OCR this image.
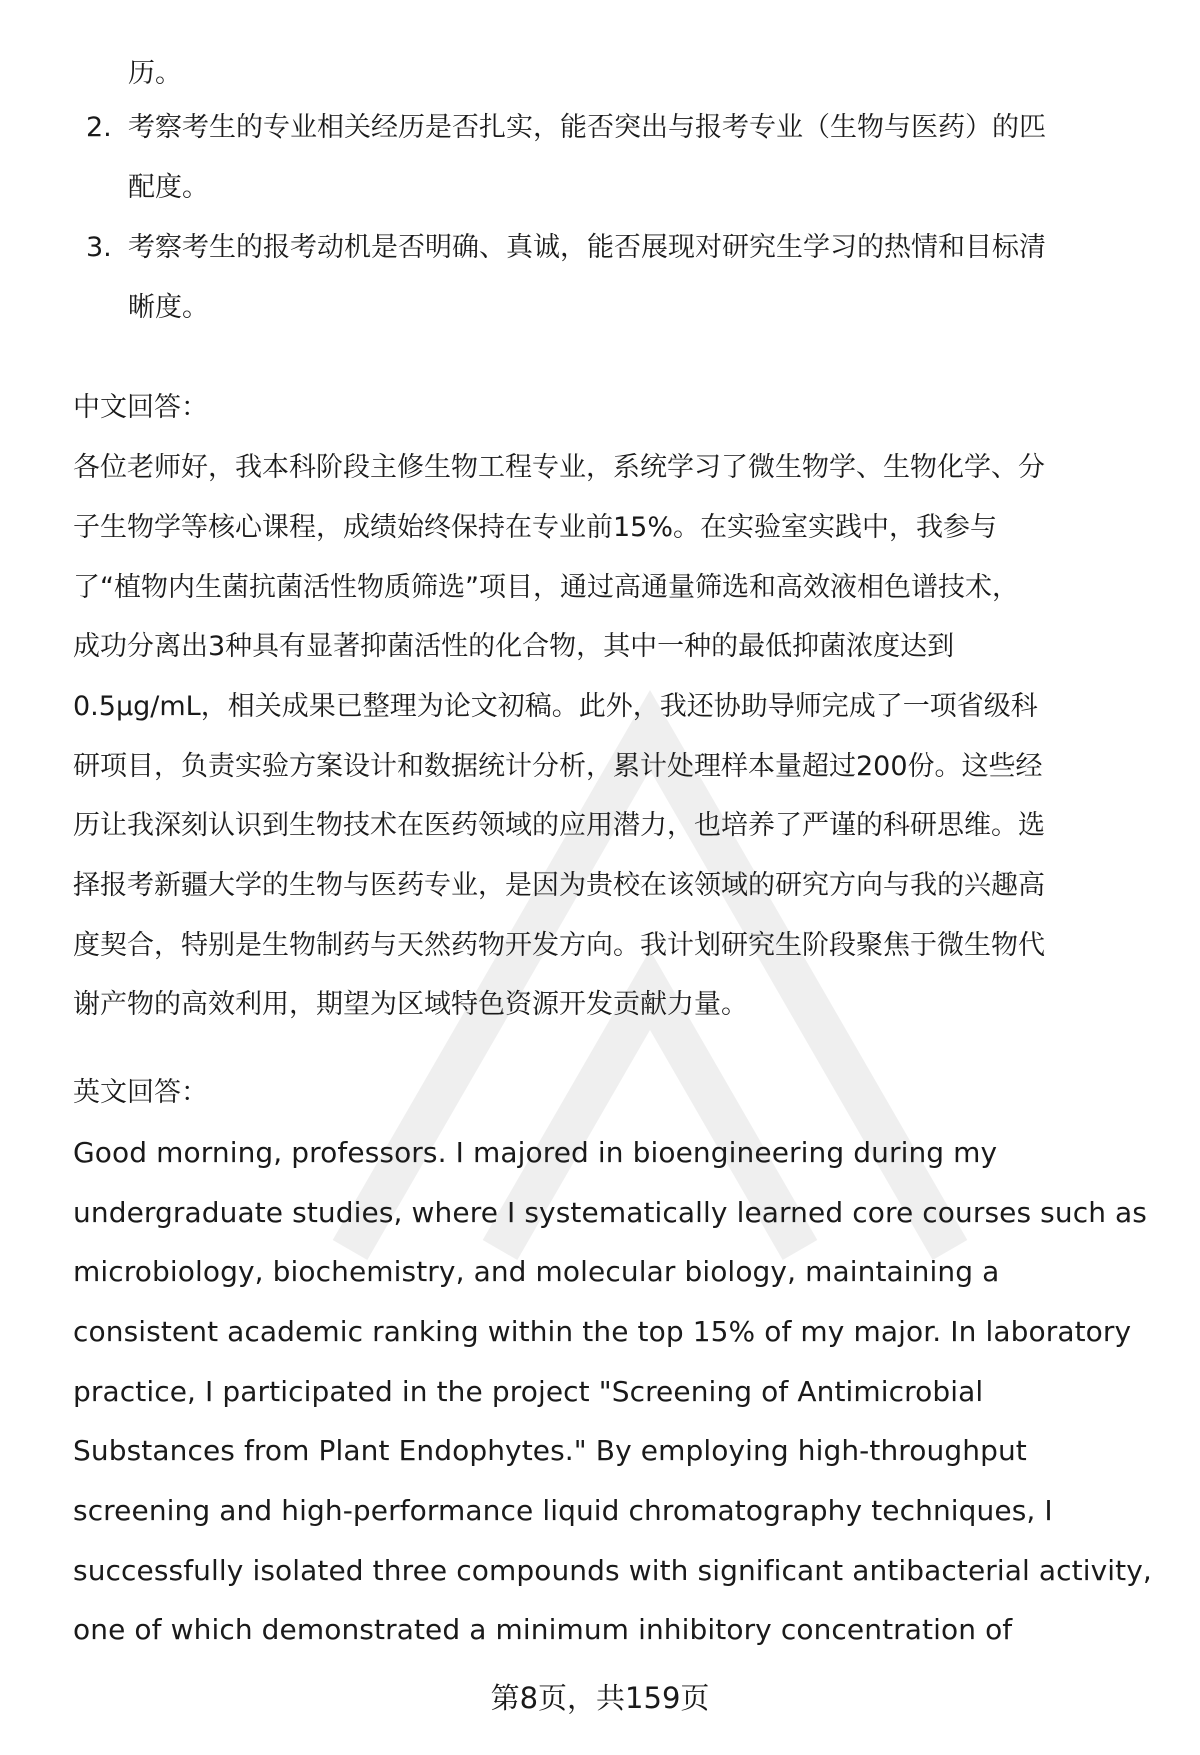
历。
2. 考察考生的专业相关经历是否扎实，能否突出与报考专业（生物与医药）的匹
配度。
3. 考察考生的报考动机是否明确、真诚，能否展现对研究生学习的热情和目标清
晰度。
中文回答：
各位老师好，我本科阶段主修生物工程专业，系统学习了微生物学、生物化学、分
子生物学等核心课程，成绩始终保持在专业前15%。在实验室实践中，我参与
了“植物内生菌抗菌活性物质筛选”项目，通过高通量筛选和高效液相色谱技术，
成功分离出3种具有显著抑菌活性的化合物，其中一种的最低抑菌浓度达到
0.5μg/mL，相关成果已整理为论文初稿。此外，我还协助导师完成了一项省级科
研项目，负责实验方案设计和数据统计分析，累计处理样本量超过200份。这些经
历让我深刻认识到生物技术在医药领域的应用潜力，也培养了严谨的科研思维。选
择报考新疆大学的生物与医药专业，是因为贵校在该领域的研究方向与我的兴趣高
度契合，特别是生物制药与天然药物开发方向。我计划研究生阶段聚焦于微生物代
谢产物的高效利用，期望为区域特色资源开发贡献力量。
英文回答：
Good morning, professors. I majored in bioengineering during my
undergraduate studies, where I systematically learned core courses such as
microbiology, biochemistry, and molecular biology, maintaining a
consistent academic ranking within the top 15% of my major. In laboratory
practice, I participated in the project "Screening of Antimicrobial
Substances from Plant Endophytes." By employing high-throughput
screening and high-performance liquid chromatography techniques, I
successfully isolated three compounds with significant antibacterial activity,
one of which demonstrated a minimum inhibitory concentration of
第8页，共159页
